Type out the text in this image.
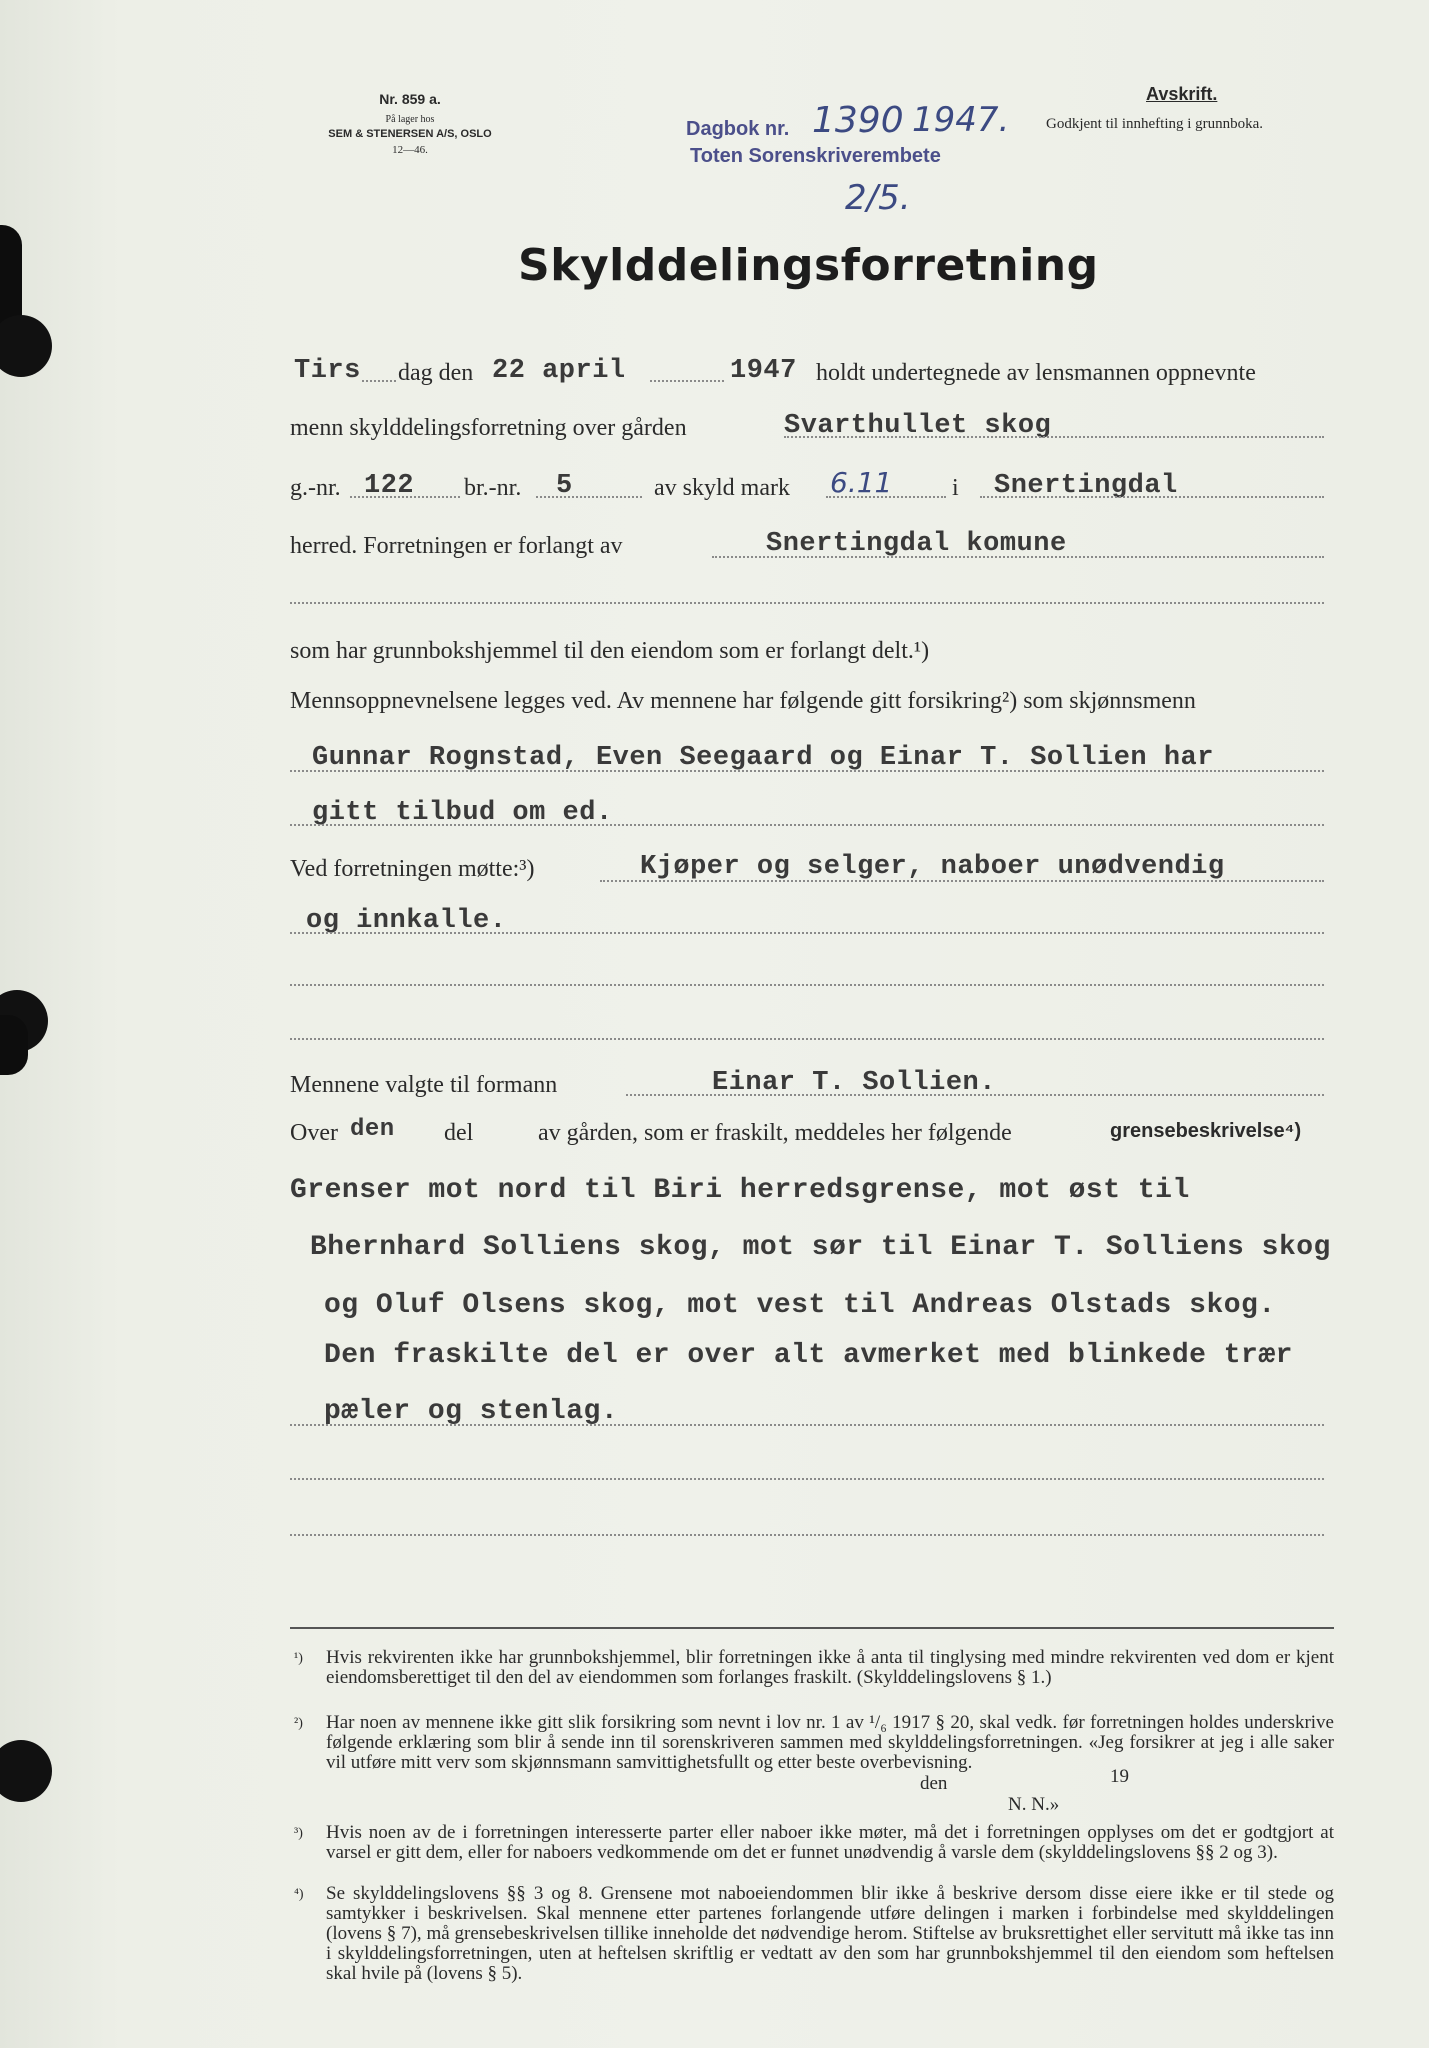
Nr. 859 a.
På lager hos
SEM & STENERSEN A/S, OSLO
12—46.
Dagbok nr. 1390 1947.
Toten Sorenskriverembete
2/5.
Avskrift.
Godkjent til innhefting i grunnboka.
Skylddelingsforretning
Tirs dag den 22 april	1947 holdt undertegnede av lensmannen oppnevnte
menn skylddelingsforretning over gården	Svarthullet skog
g.-nr. 122 br.-nr. 5	av skyld mark 6.11 i Snertingdal
herred. Forretningen er forlangt av	Snertingdal komune
som har grunnbokshjemmel til den eiendom som er forlangt delt.¹)
Mennsoppnevnelsene legges ved. Av mennene har følgende gitt forsikring²) som skjønnsmenn
Gunnar Rognstad, Even Seegaard og Einar T. Sollien har
gitt tilbud om ed.
Ved forretningen møtte:³)	Kjøper og selger, naboer unødvendig
og innkalle.
Mennene valgte til formann	Einar T. Sollien.
Over den del	av gården, som er fraskilt, meddeles her følgende	grensebeskrivelse⁴)
Grenser mot nord til Biri herredsgrense, mot øst til
Bhernhard Solliens skog, mot sør til Einar T. Solliens skog
og Oluf Olsens skog, mot vest til Andreas Olstads skog.
Den fraskilte del er over alt avmerket med blinkede trær
pæler og stenlag.
¹) Hvis rekvirenten ikke har grunnbokshjemmel, blir forretningen ikke å anta til tinglysing med mindre rekvirenten ved dom er kjent eiendomsberettiget til den del av eiendommen som forlanges fraskilt. (Skylddelingslovens § 1.)
²) Har noen av mennene ikke gitt slik forsikring som nevnt i lov nr. 1 av ¹/₆ 1917 § 20, skal vedk. før forretningen holdes underskrive følgende erklæring som blir å sende inn til sorenskriveren sammen med skylddelingsforretningen. «Jeg forsikrer at jeg i alle saker vil utføre mitt verv som skjønnsmann samvittighetsfullt og etter beste overbevisning.
den	19
N. N.»
³) Hvis noen av de i forretningen interesserte parter eller naboer ikke møter, må det i forretningen opplyses om det er godtgjort at varsel er gitt dem, eller for naboers vedkommende om det er funnet unødvendig å varsle dem (skylddelingslovens §§ 2 og 3).
⁴) Se skylddelingslovens §§ 3 og 8. Grensene mot naboeiendommen blir ikke å beskrive dersom disse eiere ikke er til stede og samtykker i beskrivelsen. Skal mennene etter partenes forlangende utføre delingen i marken i forbindelse med skylddelingen (lovens § 7), må grensebeskrivelsen tillike inneholde det nødvendige herom. Stiftelse av bruksrettighet eller servitutt må ikke tas inn i skylddelingsforretningen, uten at heftelsen skriftlig er vedtatt av den som har grunnbokshjemmel til den eiendom som heftelsen skal hvile på (lovens § 5).
